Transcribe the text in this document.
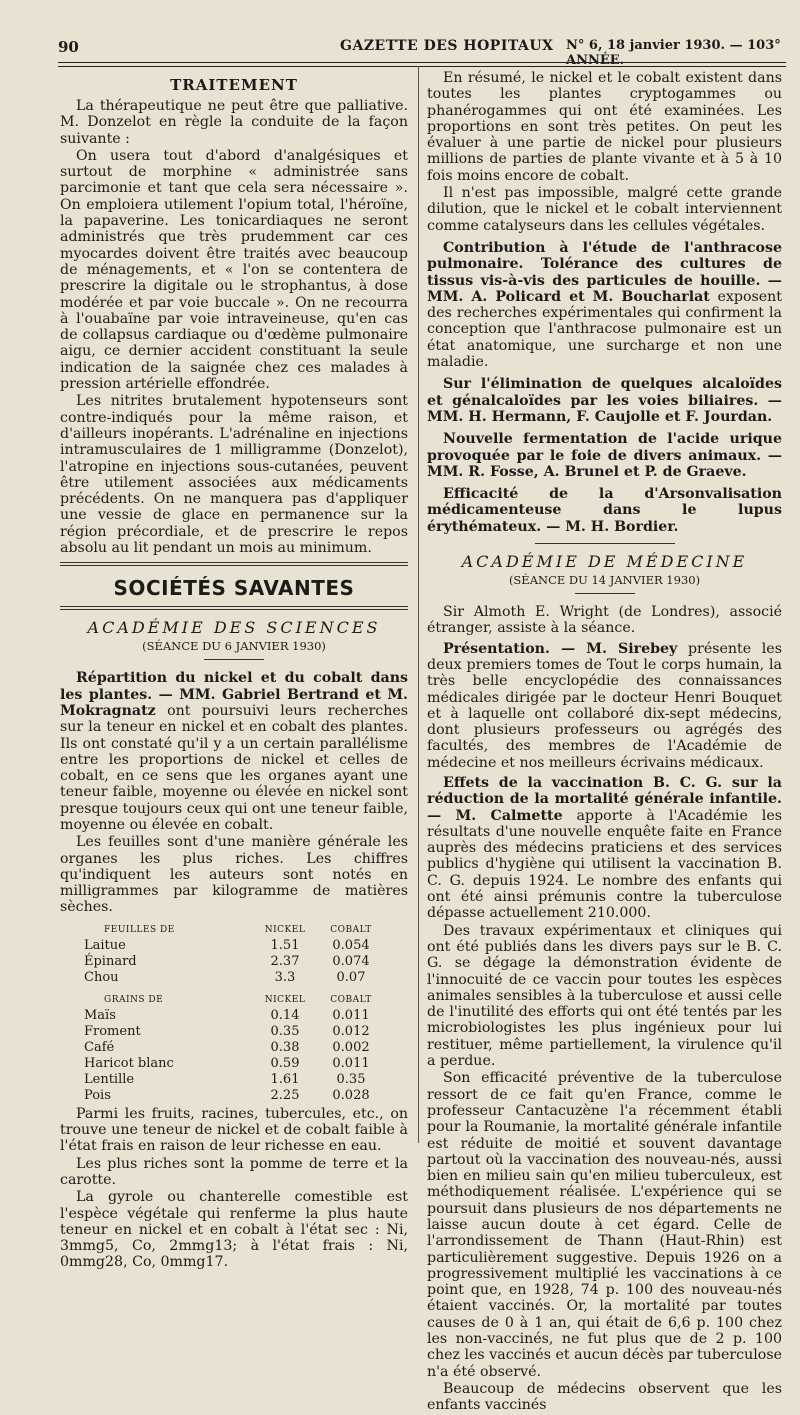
90	GAZETTE DES HOPITAUX N° 6, 18 janvier 1930. — 103° ANNÉE.
TRAITEMENT

La thérapeutique ne peut être que palliative. M. Donzelot en règle la conduite de la façon suivante :

On usera tout d'abord d'analgésiques et surtout de morphine « administrée sans parcimonie et tant que cela sera nécessaire ». On emploiera utilement l'opium total, l'héroïne, la papaverine. Les tonicardiaques ne seront administrés que très prudemment car ces myocardes doivent être traités avec beaucoup de ménagements, et « l'on se contentera de prescrire la digitale ou le strophantus, à dose modérée et par voie buccale ». On ne recourra à l'ouabaïne par voie intraveineuse, qu'en cas de collapsus cardiaque ou d'œdème pulmonaire aigu, ce dernier accident constituant la seule indication de la saignée chez ces malades à pression artérielle effondrée.

Les nitrites brutalement hypotenseurs sont contre-indiqués pour la même raison, et d'ailleurs inopérants. L'adrénaline en injections intramusculaires de 1 milligramme (Donzelot), l'atropine en injections sous-cutanées, peuvent être utilement associées aux médicaments précédents. On ne manquera pas d'appliquer une vessie de glace en permanence sur la région précordiale, et de prescrire le repos absolu au lit pendant un mois au minimum.

SOCIÉTÉS SAVANTES
ACADÉMIE DES SCIENCES
(SÉANCE DU 6 JANVIER 1930)

Répartition du nickel et du cobalt dans les plantes. — MM. Gabriel Bertrand et M. Mokragnatz ont poursuivi leurs recherches sur la teneur en nickel et en cobalt des plantes. Ils ont constaté qu'il y a un certain parallélisme entre les proportions de nickel et celles de cobalt, en ce sens que les organes ayant une teneur faible, moyenne ou élevée en nickel sont presque toujours ceux qui ont une teneur faible, moyenne ou élevée en cobalt.

Les feuilles sont d'une manière générale les organes les plus riches. Les chiffres qu'indiquent les auteurs sont notés en milligrammes par kilogramme de matières sèches.

FEUILLES DE	NICKEL	COBALT
Laitue	1.51	0.054
Épinard	2.37	0.074
Chou	3.3	0.07
GRAINS DE	NICKEL	COBALT
Maïs	0.14	0.011
Froment	0.35	0.012
Café	0.38	0.002
Haricot blanc	0.59	0.011
Lentille	1.61	0.35
Pois	2.25	0.028

Parmi les fruits, racines, tubercules, etc., on trouve une teneur de nickel et de cobalt faible à l'état frais en raison de leur richesse en eau.

Les plus riches sont la pomme de terre et la carotte.

La gyrole ou chanterelle comestible est l'espèce végétale qui renferme la plus haute teneur en nickel et en cobalt à l'état sec : Ni, 3mmg5, Co, 2mmg13; à l'état frais : Ni, 0mmg28, Co, 0mmg17.

En résumé, le nickel et le cobalt existent dans toutes les plantes cryptogammes ou phanérogammes qui ont été examinées. Les proportions en sont très petites. On peut les évaluer à une partie de nickel pour plusieurs millions de parties de plante vivante et à 5 à 10 fois moins encore de cobalt.

Il n'est pas impossible, malgré cette grande dilution, que le nickel et le cobalt interviennent comme catalyseurs dans les cellules végétales.

Contribution à l'étude de l'anthracose pulmonaire. Tolérance des cultures de tissus vis-à-vis des particules de houille. — MM. A. Policard et M. Boucharlat exposent des recherches expérimentales qui confirment la conception que l'anthracose pulmonaire est un état anatomique, une surcharge et non une maladie.

Sur l'élimination de quelques alcaloïdes et génalcaloïdes par les voies biliaires. — MM. H. Hermann, F. Caujolle et F. Jourdan.

Nouvelle fermentation de l'acide urique provoquée par le foie de divers animaux. — MM. R. Fosse, A. Brunel et P. de Graeve.

Efficacité de la d'Arsonvalisation médicamenteuse dans le lupus érythémateux. — M. H. Bordier.

ACADÉMIE DE MÉDECINE
(SÉANCE DU 14 JANVIER 1930)

Sir Almoth E. Wright (de Londres), associé étranger, assiste à la séance.

Présentation. — M. Sirebey présente les deux premiers tomes de Tout le corps humain, la très belle encyclopédie des connaissances médicales dirigée par le docteur Henri Bouquet et à laquelle ont collaboré dix-sept médecins, dont plusieurs professeurs ou agrégés des facultés, des membres de l'Académie de médecine et nos meilleurs écrivains médicaux.

Effets de la vaccination B. C. G. sur la réduction de la mortalité générale infantile. — M. Calmette apporte à l'Académie les résultats d'une nouvelle enquête faite en France auprès des médecins praticiens et des services publics d'hygiène qui utilisent la vaccination B. C. G. depuis 1924. Le nombre des enfants qui ont été ainsi prémunis contre la tuberculose dépasse actuellement 210.000.

Des travaux expérimentaux et cliniques qui ont été publiés dans les divers pays sur le B. C. G. se dégage la démonstration évidente de l'innocuité de ce vaccin pour toutes les espèces animales sensibles à la tuberculose et aussi celle de l'inutilité des efforts qui ont été tentés par les microbiologistes les plus ingénieux pour lui restituer, même partiellement, la virulence qu'il a perdue.

Son efficacité préventive de la tuberculose ressort de ce fait qu'en France, comme le professeur Cantacuzène l'a récemment établi pour la Roumanie, la mortalité générale infantile est réduite de moitié et souvent davantage partout où la vaccination des nouveau-nés, aussi bien en milieu sain qu'en milieu tuberculeux, est méthodiquement réalisée. L'expérience qui se poursuit dans plusieurs de nos départements ne laisse aucun doute à cet égard. Celle de l'arrondissement de Thann (Haut-Rhin) est particulièrement suggestive. Depuis 1926 on a progressivement multiplié les vaccinations à ce point que, en 1928, 74 p. 100 des nouveau-nés étaient vaccinés. Or, la mortalité par toutes causes de 0 à 1 an, qui était de 6,6 p. 100 chez les non-vaccinés, ne fut plus que de 2 p. 100 chez les vaccinés et aucun décès par tuberculose n'a été observé.

Beaucoup de médecins observent que les enfants vaccinés
